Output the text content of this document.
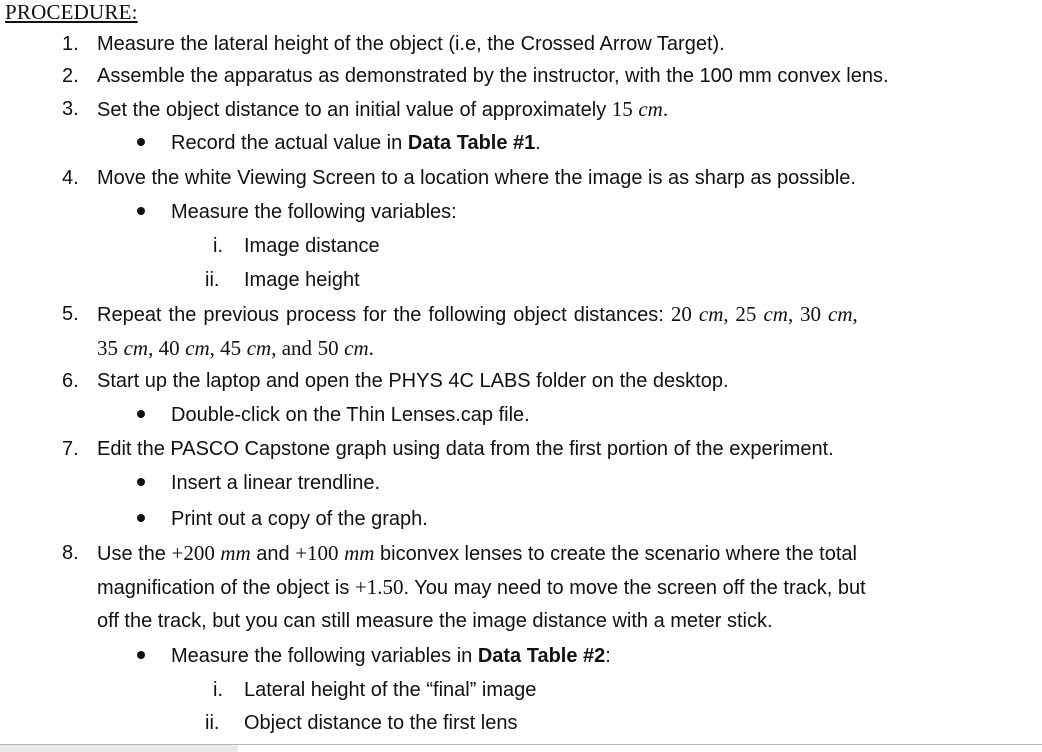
PROCEDURE:
1. Measure the lateral height of the object (i.e, the Crossed Arrow Target).
2. Assemble the apparatus as demonstrated by the instructor, with the 100 mm convex lens.
3. Set the object distance to an initial value of approximately 15 cm.
Record the actual value in Data Table #1.
4. Move the white Viewing Screen to a location where the image is as sharp as possible.
Measure the following variables:
i. Image distance
ii. Image height
5. Repeat the previous process for the following object distances: 20 cm, 25 cm, 30 cm,
35 cm, 40 cm, 45 cm, and 50 cm.
6. Start up the laptop and open the PHYS 4C LABS folder on the desktop.
Double-click on the Thin Lenses.cap file.
7. Edit the PASCO Capstone graph using data from the first portion of the experiment.
Insert a linear trendline.
Print out a copy of the graph.
8. Use the +200 mm and +100 mm biconvex lenses to create the scenario where the total
magnification of the object is +1.50. You may need to move the screen off the track, but
off the track, but you can still measure the image distance with a meter stick.
Measure the following variables in Data Table #2:
i. Lateral height of the “final” image
ii. Object distance to the first lens
